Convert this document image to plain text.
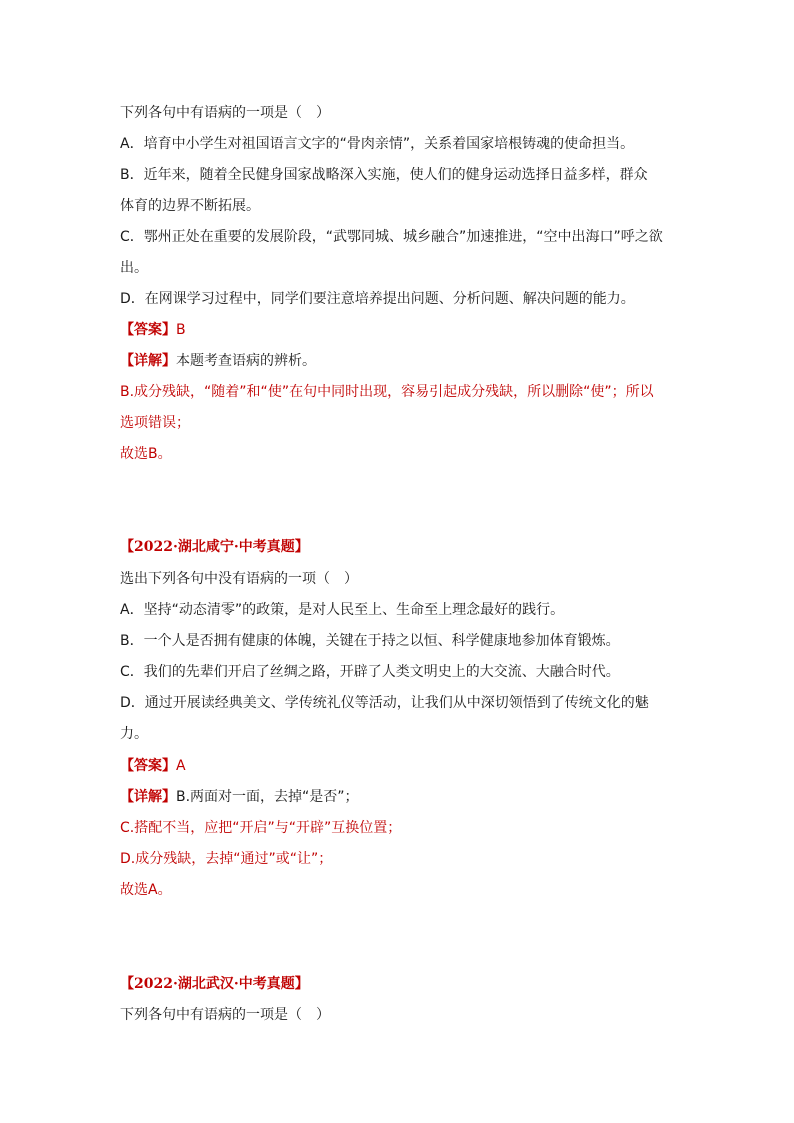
下列各句中有语病的一项是（　）
A．培育中小学生对祖国语言文字的“骨肉亲情”，关系着国家培根铸魂的使命担当。
B．近年来，随着全民健身国家战略深入实施，使人们的健身运动选择日益多样，群众
体育的边界不断拓展。
C．鄂州正处在重要的发展阶段，“武鄂同城、城乡融合”加速推进，“空中出海口”呼之欲
出。
D．在网课学习过程中，同学们要注意培养提出问题、分析问题、解决问题的能力。
【答案】B
【详解】本题考查语病的辨析。
B.成分残缺，“随着”和“使”在句中同时出现，容易引起成分残缺，所以删除“使”；所以
选项错误；
故选B。
【2022·湖北咸宁·中考真题】
选出下列各句中没有语病的一项（　）
A．坚持“动态清零”的政策，是对人民至上、生命至上理念最好的践行。
B．一个人是否拥有健康的体魄，关键在于持之以恒、科学健康地参加体育锻炼。
C．我们的先辈们开启了丝绸之路，开辟了人类文明史上的大交流、大融合时代。
D．通过开展读经典美文、学传统礼仪等活动，让我们从中深切领悟到了传统文化的魅
力。
【答案】A
【详解】B.两面对一面，去掉“是否”；
C.搭配不当，应把“开启”与“开辟”互换位置；
D.成分残缺，去掉“通过”或“让”；
故选A。
【2022·湖北武汉·中考真题】
下列各句中有语病的一项是（　）
